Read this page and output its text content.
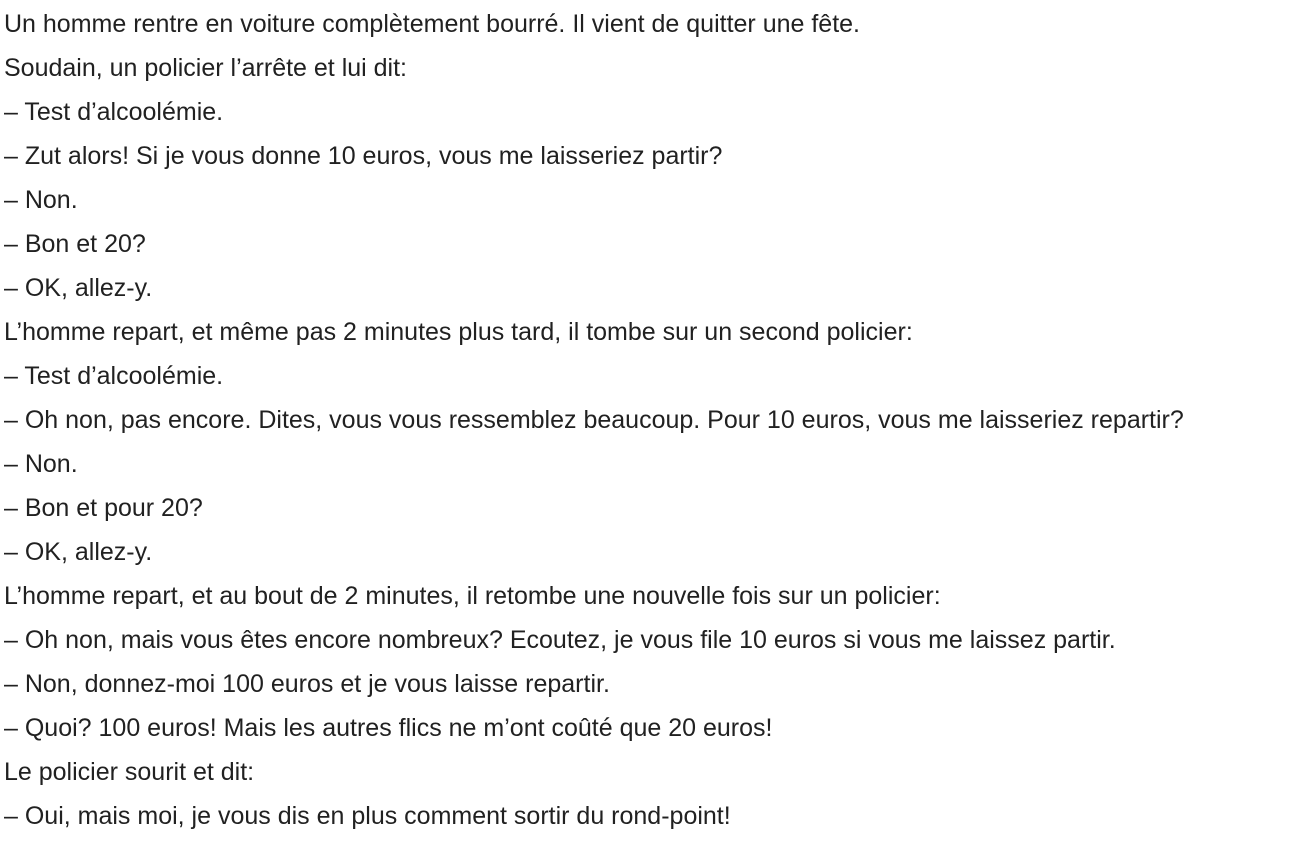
Un homme rentre en voiture complètement bourré. Il vient de quitter une fête.
Soudain, un policier l’arrête et lui dit:
– Test d’alcoolémie.
– Zut alors! Si je vous donne 10 euros, vous me laisseriez partir?
– Non.
– Bon et 20?
– OK, allez-y.
L’homme repart, et même pas 2 minutes plus tard, il tombe sur un second policier:
– Test d’alcoolémie.
– Oh non, pas encore. Dites, vous vous ressemblez beaucoup. Pour 10 euros, vous me laisseriez repartir?
– Non.
– Bon et pour 20?
– OK, allez-y.
L’homme repart, et au bout de 2 minutes, il retombe une nouvelle fois sur un policier:
– Oh non, mais vous êtes encore nombreux? Ecoutez, je vous file 10 euros si vous me laissez partir.
– Non, donnez-moi 100 euros et je vous laisse repartir.
– Quoi? 100 euros! Mais les autres flics ne m’ont coûté que 20 euros!
Le policier sourit et dit:
– Oui, mais moi, je vous dis en plus comment sortir du rond-point!
